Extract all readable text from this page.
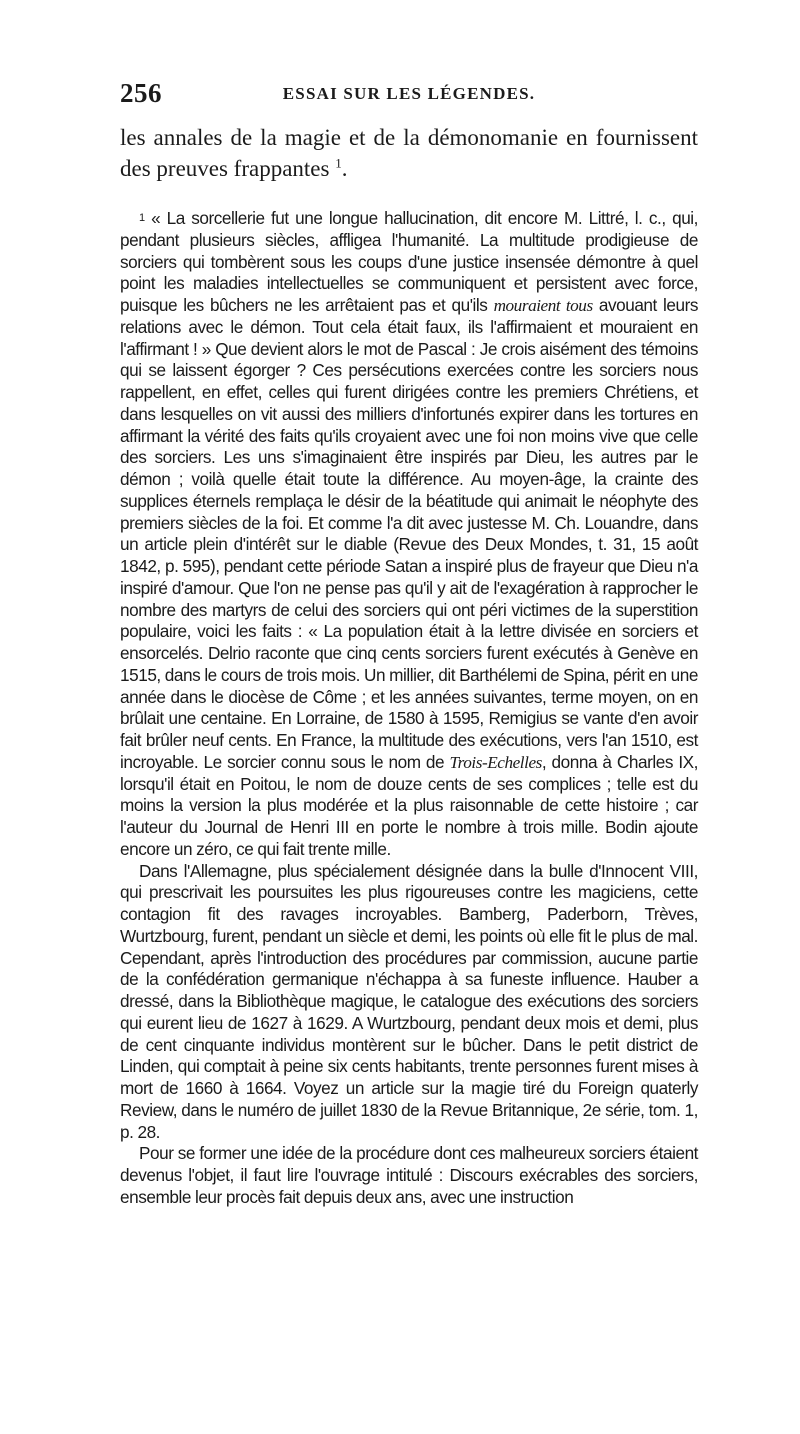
256	ESSAI SUR LES LÉGENDES.

les annales de la magie et de la démonomanie en fournissent des preuves frappantes $^1$.

1 « La sorcellerie fut une longue hallucination, dit encore M. Littré, l. c., qui, pendant plusieurs siècles, affligea l'humanité. La multitude prodigieuse de sorciers qui tombèrent sous les coups d'une justice insensée démontre à quel point les maladies intellectuelles se communiquent et persistent avec force, puisque les bûchers ne les arrêtaient pas et qu'ils mouraient tous avouant leurs relations avec le démon. Tout cela était faux, ils l'affirmaient et mouraient en l'affirmant ! » Que devient alors le mot de Pascal : Je crois aisément des témoins qui se laissent égorger ? Ces persécutions exercées contre les sorciers nous rappellent, en effet, celles qui furent dirigées contre les premiers Chrétiens, et dans lesquelles on vit aussi des milliers d'infortunés expirer dans les tortures en affirmant la vérité des faits qu'ils croyaient avec une foi non moins vive que celle des sorciers. Les uns s'imaginaient être inspirés par Dieu, les autres par le démon ; voilà quelle était toute la différence. Au moyen-âge, la crainte des supplices éternels remplaça le désir de la béatitude qui animait le néophyte des premiers siècles de la foi. Et comme l'a dit avec justesse M. Ch. Louandre, dans un article plein d'intérêt sur le diable (Revue des Deux Mondes, t. 31, 15 août 1842, p. 595), pendant cette période Satan a inspiré plus de frayeur que Dieu n'a inspiré d'amour. Que l'on ne pense pas qu'il y ait de l'exagération à rapprocher le nombre des martyrs de celui des sorciers qui ont péri victimes de la superstition populaire, voici les faits : « La population était à la lettre divisée en sorciers et ensorcelés. Delrio raconte que cinq cents sorciers furent exécutés à Genève en 1515, dans le cours de trois mois. Un millier, dit Barthélemi de Spina, périt en une année dans le diocèse de Côme ; et les années suivantes, terme moyen, on en brûlait une centaine. En Lorraine, de 1580 à 1595, Remigius se vante d'en avoir fait brûler neuf cents. En France, la multitude des exécutions, vers l'an 1510, est incroyable. Le sorcier connu sous le nom de Trois-Echelles, donna à Charles IX, lorsqu'il était en Poitou, le nom de douze cents de ses complices ; telle est du moins la version la plus modérée et la plus raisonnable de cette histoire ; car l'auteur du Journal de Henri III en porte le nombre à trois mille. Bodin ajoute encore un zéro, ce qui fait trente mille.

Dans l'Allemagne, plus spécialement désignée dans la bulle d'Innocent VIII, qui prescrivait les poursuites les plus rigoureuses contre les magiciens, cette contagion fit des ravages incroyables. Bamberg, Paderborn, Trèves, Wurtzbourg, furent, pendant un siècle et demi, les points où elle fit le plus de mal. Cependant, après l'introduction des procédures par commission, aucune partie de la confédération germanique n'échappa à sa funeste influence. Hauber a dressé, dans la Bibliothèque magique, le catalogue des exécutions des sorciers qui eurent lieu de 1627 à 1629. A Wurtzbourg, pendant deux mois et demi, plus de cent cinquante individus montèrent sur le bûcher. Dans le petit district de Linden, qui comptait à peine six cents habitants, trente personnes furent mises à mort de 1660 à 1664. Voyez un article sur la magie tiré du Foreign quaterly Review, dans le numéro de juillet 1830 de la Revue Britannique, 2e série, tom. 1, p. 28.

Pour se former une idée de la procédure dont ces malheureux sorciers étaient devenus l'objet, il faut lire l'ouvrage intitulé : Discours exécrables des sorciers, ensemble leur procès fait depuis deux ans, avec une instruction
